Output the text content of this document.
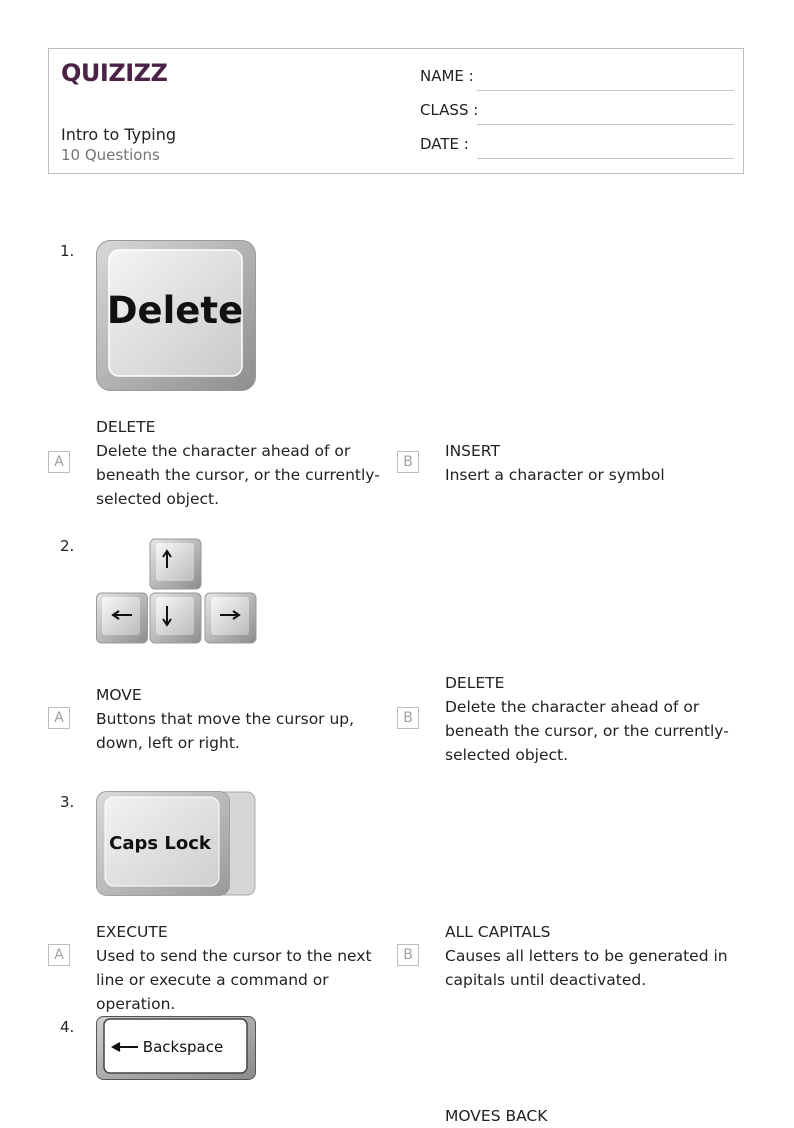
QUIZIZZ
Intro to Typing
10 Questions
NAME :
CLASS :
DATE :
1.
Delete
A
DELETE
Delete the character ahead of or beneath the cursor, or the currently-selected object.
B
INSERT
Insert a character or symbol
2.
A
MOVE
Buttons that move the cursor up, down, left or right.
B
DELETE
Delete the character ahead of or beneath the cursor, or the currently-selected object.
3.
Caps Lock
A
EXECUTE
Used to send the cursor to the next line or execute a command or operation.
B
ALL CAPITALS
Causes all letters to be generated in capitals until deactivated.
4.
Backspace
MOVES BACK
